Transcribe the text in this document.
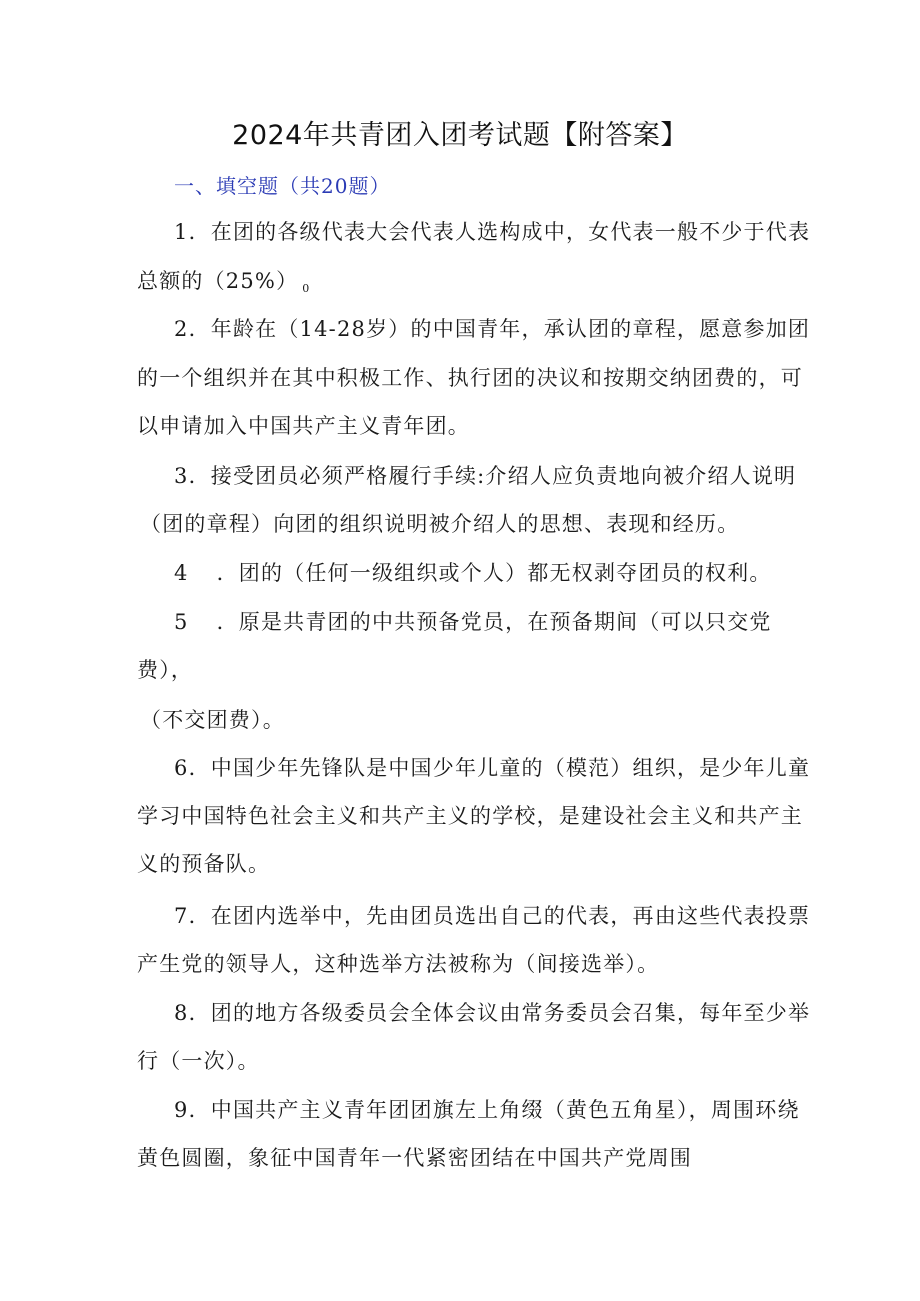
2024年共青团入团考试题【附答案】
一、填空题（共20题）
1．在团的各级代表大会代表人选构成中，女代表一般不少于代表
总额的（25%） $_0$
2．年龄在（14-28岁）的中国青年，承认团的章程，愿意参加团
的一个组织并在其中积极工作、执行团的决议和按期交纳团费的，可
以申请加入中国共产主义青年团。
3．接受团员必须严格履行手续:介绍人应负责地向被介绍人说明
（团的章程）向团的组织说明被介绍人的思想、表现和经历。
4 ．团的（任何一级组织或个人）都无权剥夺团员的权利。
5 ．原是共青团的中共预备党员，在预备期间（可以只交党
费），
（不交团费）。
6．中国少年先锋队是中国少年儿童的（模范）组织，是少年儿童
学习中国特色社会主义和共产主义的学校，是建设社会主义和共产主
义的预备队。
7．在团内选举中，先由团员选出自己的代表，再由这些代表投票
产生党的领导人，这种选举方法被称为（间接选举）。
8．团的地方各级委员会全体会议由常务委员会召集，每年至少举
行（一次）。
9．中国共产主义青年团团旗左上角缀（黄色五角星），周围环绕
黄色圆圈，象征中国青年一代紧密团结在中国共产党周围
